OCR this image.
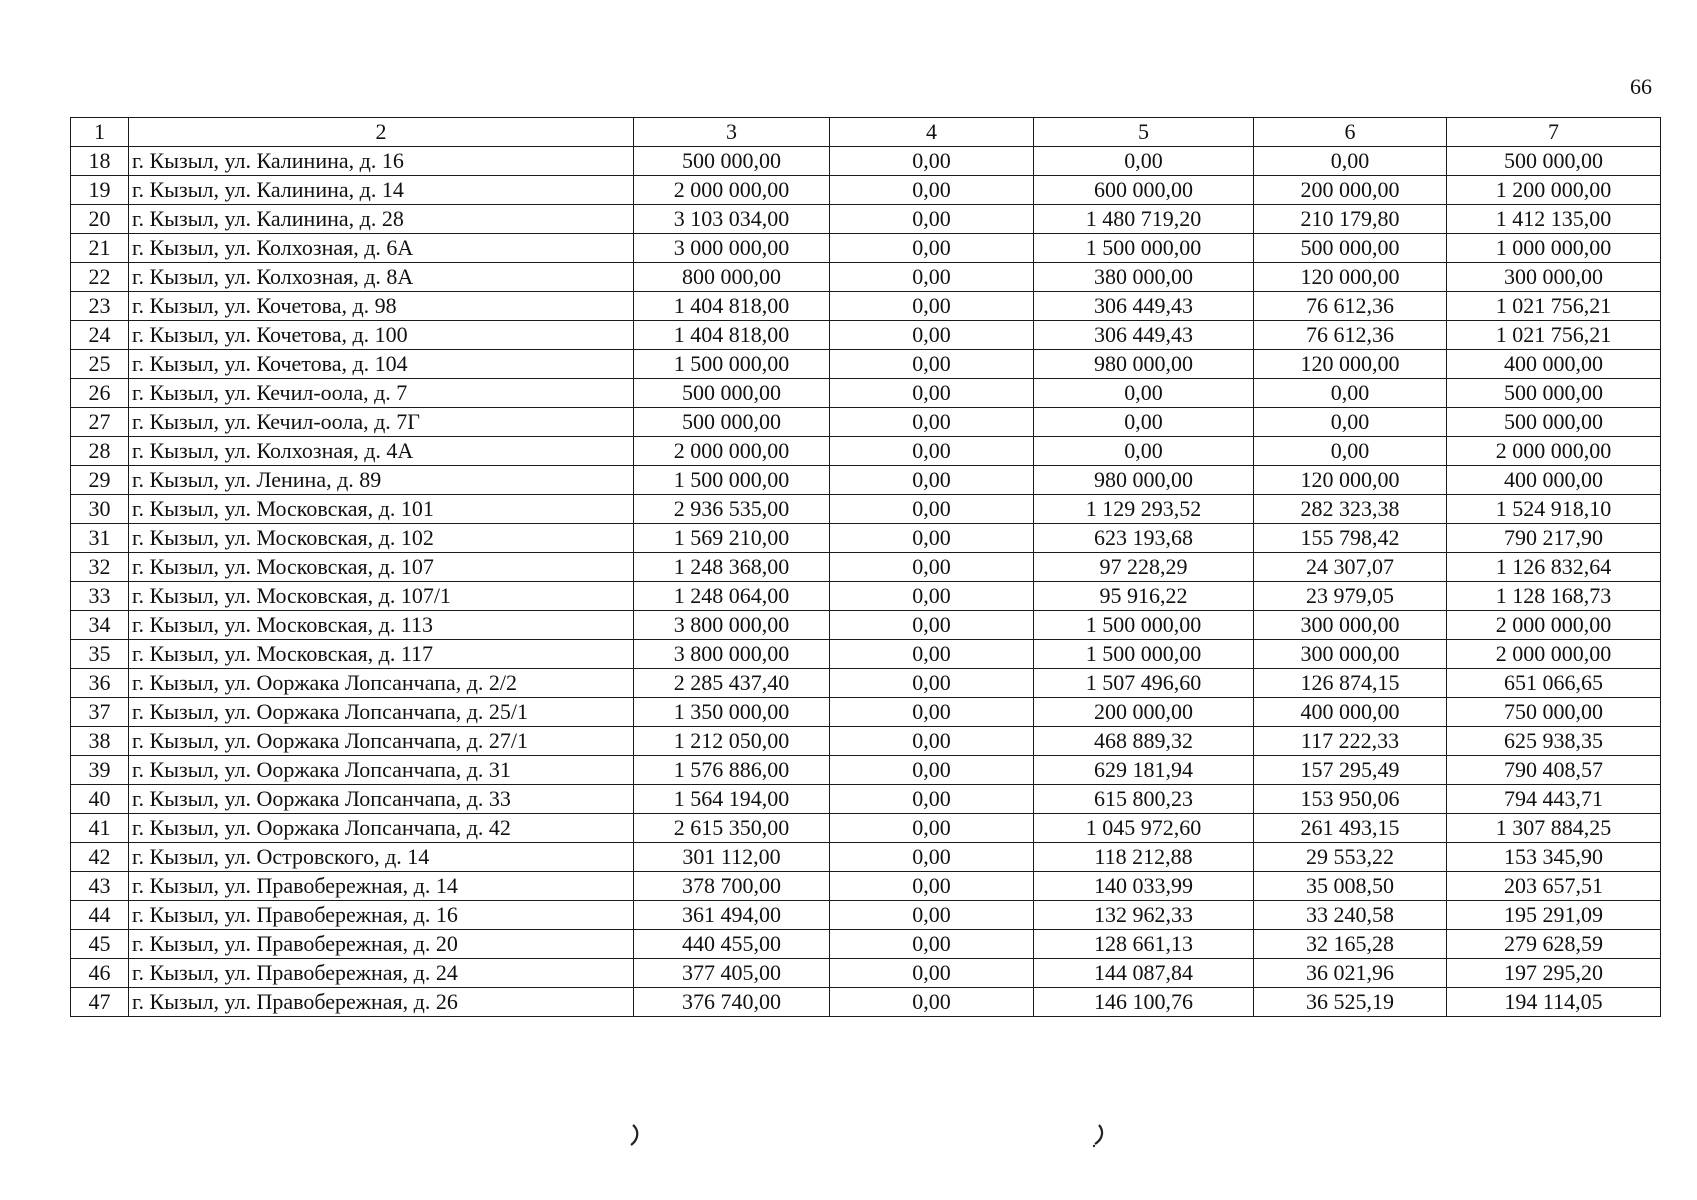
66
1	2	3	4	5	6	7
18	г. Кызыл, ул. Калинина, д. 16	500 000,00	0,00	0,00	0,00	500 000,00
19	г. Кызыл, ул. Калинина, д. 14	2 000 000,00	0,00	600 000,00	200 000,00	1 200 000,00
20	г. Кызыл, ул. Калинина, д. 28	3 103 034,00	0,00	1 480 719,20	210 179,80	1 412 135,00
21	г. Кызыл, ул. Колхозная, д. 6А	3 000 000,00	0,00	1 500 000,00	500 000,00	1 000 000,00
22	г. Кызыл, ул. Колхозная, д. 8А	800 000,00	0,00	380 000,00	120 000,00	300 000,00
23	г. Кызыл, ул. Кочетова, д. 98	1 404 818,00	0,00	306 449,43	76 612,36	1 021 756,21
24	г. Кызыл, ул. Кочетова, д. 100	1 404 818,00	0,00	306 449,43	76 612,36	1 021 756,21
25	г. Кызыл, ул. Кочетова, д. 104	1 500 000,00	0,00	980 000,00	120 000,00	400 000,00
26	г. Кызыл, ул. Кечил-оола, д. 7	500 000,00	0,00	0,00	0,00	500 000,00
27	г. Кызыл, ул. Кечил-оола, д. 7Г	500 000,00	0,00	0,00	0,00	500 000,00
28	г. Кызыл, ул. Колхозная, д. 4А	2 000 000,00	0,00	0,00	0,00	2 000 000,00
29	г. Кызыл, ул. Ленина, д. 89	1 500 000,00	0,00	980 000,00	120 000,00	400 000,00
30	г. Кызыл, ул. Московская, д. 101	2 936 535,00	0,00	1 129 293,52	282 323,38	1 524 918,10
31	г. Кызыл, ул. Московская, д. 102	1 569 210,00	0,00	623 193,68	155 798,42	790 217,90
32	г. Кызыл, ул. Московская, д. 107	1 248 368,00	0,00	97 228,29	24 307,07	1 126 832,64
33	г. Кызыл, ул. Московская, д. 107/1	1 248 064,00	0,00	95 916,22	23 979,05	1 128 168,73
34	г. Кызыл, ул. Московская, д. 113	3 800 000,00	0,00	1 500 000,00	300 000,00	2 000 000,00
35	г. Кызыл, ул. Московская, д. 117	3 800 000,00	0,00	1 500 000,00	300 000,00	2 000 000,00
36	г. Кызыл, ул. Ооржака Лопсанчапа, д. 2/2	2 285 437,40	0,00	1 507 496,60	126 874,15	651 066,65
37	г. Кызыл, ул. Ооржака Лопсанчапа, д. 25/1	1 350 000,00	0,00	200 000,00	400 000,00	750 000,00
38	г. Кызыл, ул. Ооржака Лопсанчапа, д. 27/1	1 212 050,00	0,00	468 889,32	117 222,33	625 938,35
39	г. Кызыл, ул. Ооржака Лопсанчапа, д. 31	1 576 886,00	0,00	629 181,94	157 295,49	790 408,57
40	г. Кызыл, ул. Ооржака Лопсанчапа, д. 33	1 564 194,00	0,00	615 800,23	153 950,06	794 443,71
41	г. Кызыл, ул. Ооржака Лопсанчапа, д. 42	2 615 350,00	0,00	1 045 972,60	261 493,15	1 307 884,25
42	г. Кызыл, ул. Островского, д. 14	301 112,00	0,00	118 212,88	29 553,22	153 345,90
43	г. Кызыл, ул. Правобережная, д. 14	378 700,00	0,00	140 033,99	35 008,50	203 657,51
44	г. Кызыл, ул. Правобережная, д. 16	361 494,00	0,00	132 962,33	33 240,58	195 291,09
45	г. Кызыл, ул. Правобережная, д. 20	440 455,00	0,00	128 661,13	32 165,28	279 628,59
46	г. Кызыл, ул. Правобережная, д. 24	377 405,00	0,00	144 087,84	36 021,96	197 295,20
47	г. Кызыл, ул. Правобережная, д. 26	376 740,00	0,00	146 100,76	36 525,19	194 114,05
